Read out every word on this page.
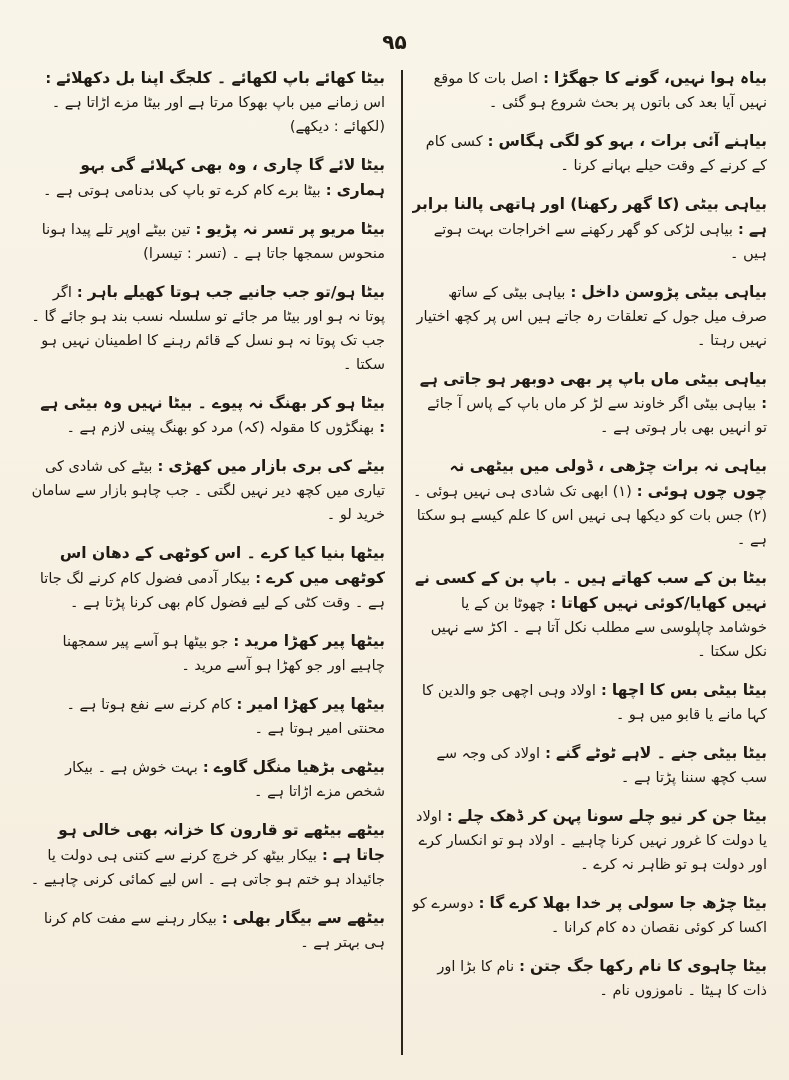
۹۵
بیاہ ہوا نہیں، گونے کا جھگڑا : اصل بات کا موقع نہیں آیا بعد کی باتوں پر بحث شروع ہو گئی ۔
بیاہنے آئی برات ، بہو کو لگی ہگاس : کسی کام کے کرنے کے وقت حیلے بہانے کرنا ۔
بیاہی بیٹی (کا گھر رکھنا) اور ہاتھی پالنا برابر ہے : بیاہی لڑکی کو گھر رکھنے سے اخراجات بہت ہوتے ہیں ۔
بیاہی بیٹی پڑوسن داخل : بیاہی بیٹی کے ساتھ صرف میل جول کے تعلقات رہ جاتے ہیں اس پر کچھ اختیار نہیں رہتا ۔
بیاہی بیٹی ماں باپ پر بھی دوبھر ہو جاتی ہے : بیاہی بیٹی اگر خاوند سے لڑ کر ماں باپ کے پاس آ جائے تو انہیں بھی بار ہوتی ہے ۔
بیاہی نہ برات چڑھی ، ڈولی میں بیٹھی نہ چوں چوں ہوئی : (۱) ابھی تک شادی ہی نہیں ہوئی ۔ (۲) جس بات کو دیکھا ہی نہیں اس کا علم کیسے ہو سکتا ہے ۔
بیٹا بن کے سب کھاتے ہیں ۔ باپ بن کے کسی نے نہیں کھایا/کوئی نہیں کھاتا : چھوٹا بن کے یا خوشامد چاپلوسی سے مطلب نکل آتا ہے ۔ اکڑ سے نہیں نکل سکتا ۔
بیٹا بیٹی بس کا اچھا : اولاد وہی اچھی جو والدین کا کہا مانے یا قابو میں ہو ۔
بیٹا بیٹی جنے ۔ لاہے ٹوٹے گنے : اولاد کی وجہ سے سب کچھ سننا پڑتا ہے ۔
بیٹا جن کر نیو چلے سونا پہن کر ڈھک چلے : اولاد یا دولت کا غرور نہیں کرنا چاہیے ۔ اولاد ہو تو انکسار کرے اور دولت ہو تو ظاہر نہ کرے ۔
بیٹا چڑھ جا سولی پر خدا بھلا کرے گا : دوسرے کو اکسا کر کوئی نقصان دہ کام کرانا ۔
بیٹا چاہوی کا نام رکھا جگ جتن : نام کا بڑا اور ذات کا ہیٹا ۔ ناموزوں نام ۔
بیٹا کھائے باپ لکھائے ۔ کلجگ اپنا بل دکھلائے : اس زمانے میں باپ بھوکا مرتا ہے اور بیٹا مزے اڑاتا ہے ۔ (لکھائے : دیکھے)
بیٹا لائے گا چاری ، وہ بھی کہلائے گی بہو ہماری : بیٹا برے کام کرے تو باپ کی بدنامی ہوتی ہے ۔
بیٹا مریو پر تسر نہ پڑیو : تین بیٹے اوپر تلے پیدا ہونا منحوس سمجھا جاتا ہے ۔ (تسر : تیسرا)
بیٹا ہو/تو جب جانیے جب ہوتا کھیلے باہر : اگر پوتا نہ ہو اور بیٹا مر جائے تو سلسلہ نسب بند ہو جائے گا ۔ جب تک پوتا نہ ہو نسل کے قائم رہنے کا اطمینان نہیں ہو سکتا ۔
بیٹا ہو کر بھنگ نہ پیوے ۔ بیٹا نہیں وہ بیٹی ہے : بھنگڑوں کا مقولہ (کہ) مرد کو بھنگ پینی لازم ہے ۔
بیٹے کی بری بازار میں کھڑی : بیٹے کی شادی کی تیاری میں کچھ دیر نہیں لگتی ۔ جب چاہو بازار سے سامان خرید لو ۔
بیٹھا بنیا کیا کرے ۔ اس کوٹھی کے دھان اس کوٹھی میں کرے : بیکار آدمی فضول کام کرنے لگ جاتا ہے ۔ وقت کٹی کے لیے فضول کام بھی کرنا پڑتا ہے ۔
بیٹھا پیر کھڑا مرید : جو بیٹھا ہو آسے پیر سمجھنا چاہیے اور جو کھڑا ہو آسے مرید ۔
بیٹھا پیر کھڑا امیر : کام کرنے سے نفع ہوتا ہے ۔ محنتی امیر ہوتا ہے ۔
بیٹھی بڑھیا منگل گاوے : بہت خوش ہے ۔ بیکار شخص مزے اڑاتا ہے ۔
بیٹھے بیٹھے تو قارون کا خزانہ بھی خالی ہو جاتا ہے : بیکار بیٹھ کر خرچ کرنے سے کتنی ہی دولت یا جائیداد ہو ختم ہو جاتی ہے ۔ اس لیے کمائی کرنی چاہیے ۔
بیٹھے سے بیگار بھلی : بیکار رہنے سے مفت کام کرنا ہی بہتر ہے ۔
